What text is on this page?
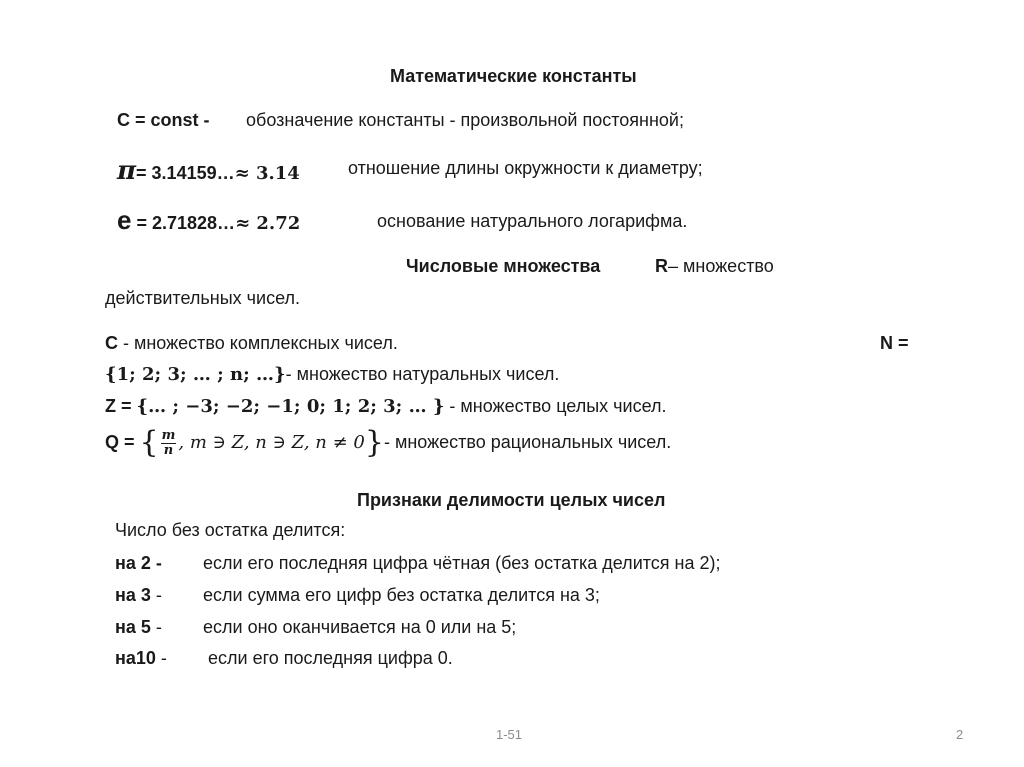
Математические константы
C = const - обозначение константы - произвольной постоянной;
π= 3.14159…≈ 3.14	отношение длины окружности к диаметру;
e = 2.71828…≈ 2.72	основание натурального логарифма.
Числовые множества	R– множество
действительных чисел.
C - множество комплексных чисел.	N =
{1; 2; 3; … ; n; …}- множество натуральных чисел.
Z = {… ; −3; −2; −1; 0; 1; 2; 3; … } - множество целых чисел.
Q = { $\frac{m}{n}$ , m ∋ Z, n ∋ Z, n ≠ 0}- множество рациональных чисел.
Признаки делимости целых чисел
Число без остатка делится:
на 2 - если его последняя цифра чётная (без остатка делится на 2);
на 3 - если сумма его цифр без остатка делится на 3;
на 5 - если оно оканчивается на 0 или на 5;
на10 - если его последняя цифра 0.
1-51	2
